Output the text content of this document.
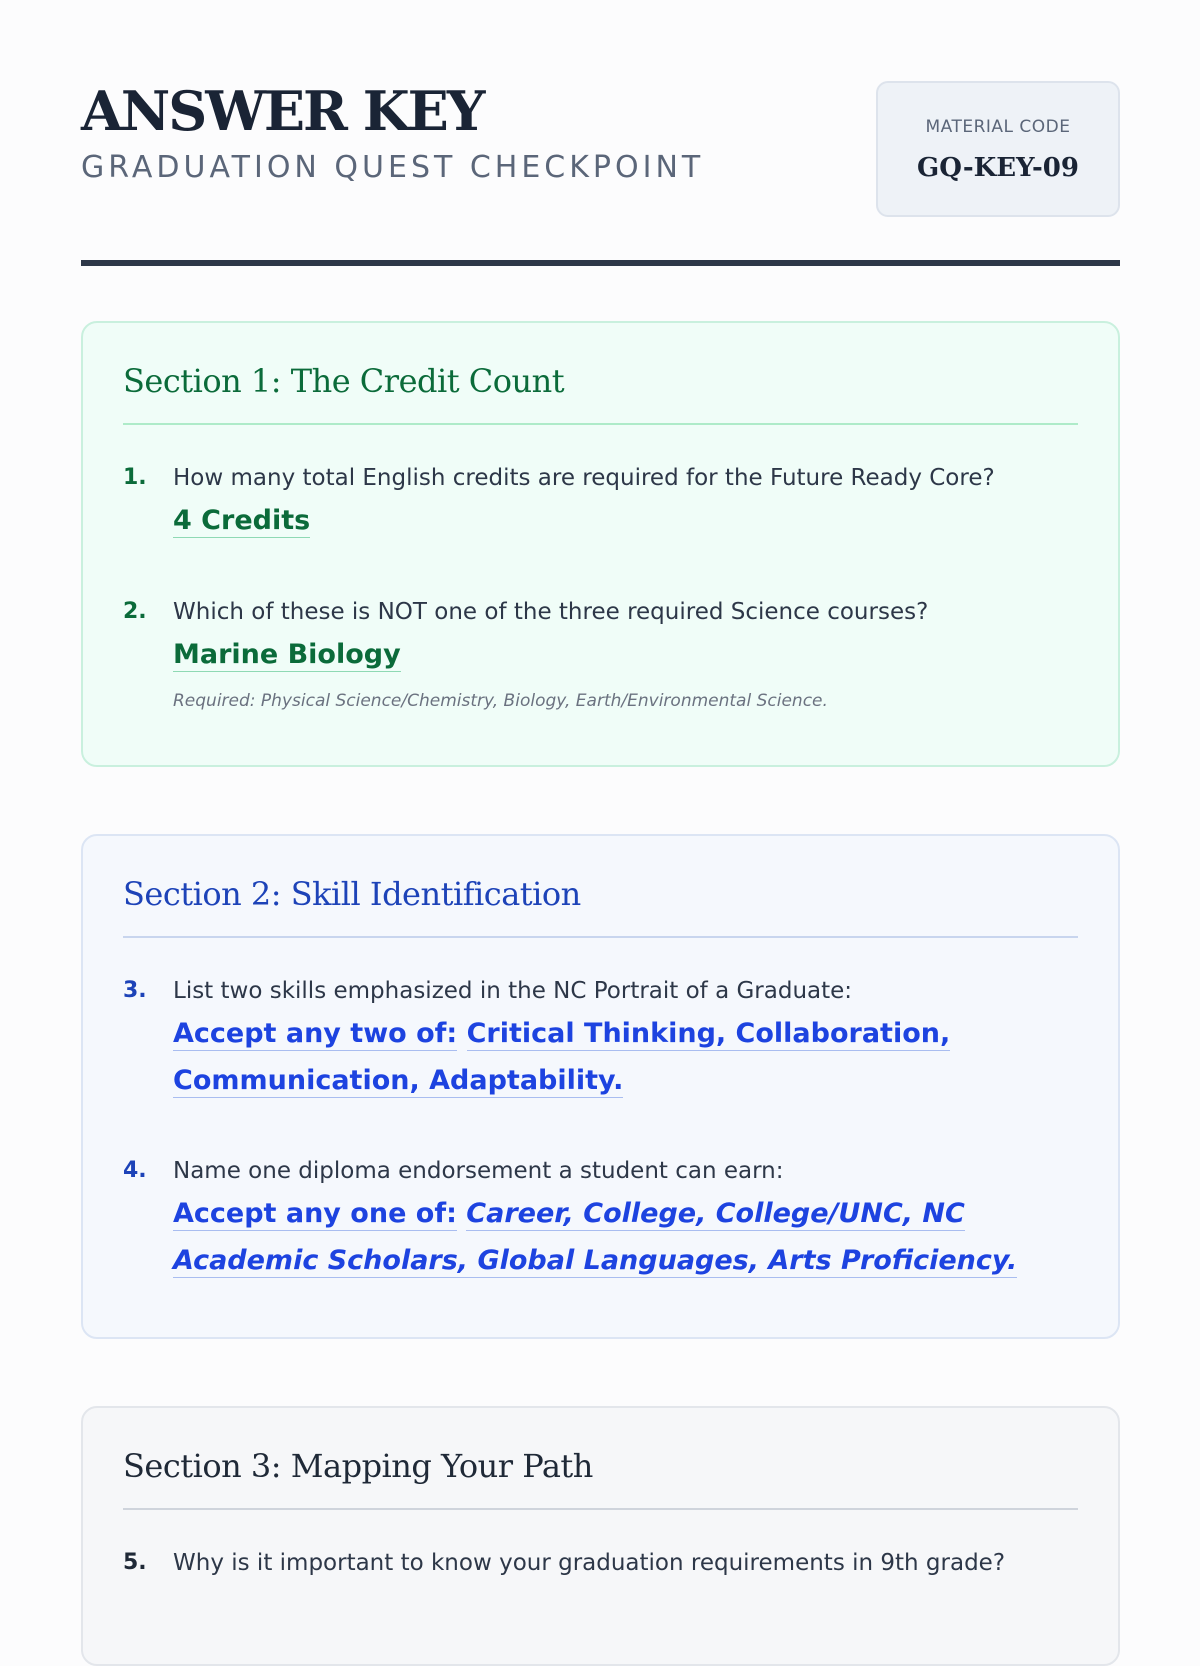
ANSWER KEY
GRADUATION QUEST CHECKPOINT
MATERIAL CODE
GQ-KEY-09
Section 1: The Credit Count
1. How many total English credits are required for the Future Ready Core?
4 Credits
2. Which of these is NOT one of the three required Science courses?
Marine Biology
Required: Physical Science/Chemistry, Biology, Earth/Environmental Science.
Section 2: Skill Identification
3. List two skills emphasized in the NC Portrait of a Graduate:
Accept any two of: Critical Thinking, Collaboration,
Communication, Adaptability.
4. Name one diploma endorsement a student can earn:
Accept any one of: Career, College, College/UNC, NC
Academic Scholars, Global Languages, Arts Proficiency.
Section 3: Mapping Your Path
5. Why is it important to know your graduation requirements in 9th grade?
